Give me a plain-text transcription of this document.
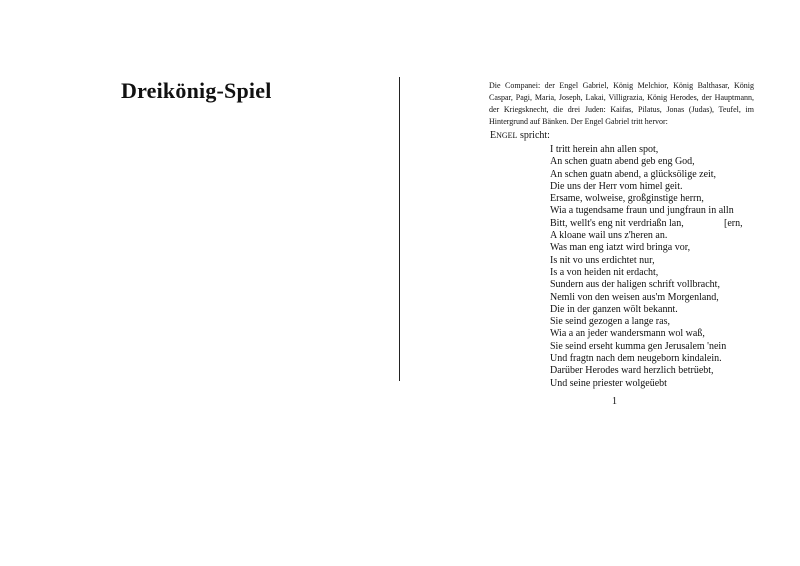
Dreikönig-Spiel	Die Companei: der Engel Gabriel, König Melchior, König Balthasar, König Caspar, Pagi, Maria, Joseph, Lakai, Villigrazia, König Herodes, der Hauptmann, der Kriegsknecht, die drei Juden: Kaifas, Pilatus, Jonas (Judas), Teufel, im Hintergrund auf Bänken. Der Engel Gabriel tritt hervor:
ENGEL spricht:
I tritt herein ahn allen spot,
An schen guatn abend geb eng God,
An schen guatn abend, a glücksölige zeit,
Die uns der Herr vom himel geit.
Ersame, wolweise, großginstige herrn,
Wia a tugendsame fraun und jungfraun in alln
Bitt, wellt's eng nit verdriaßn lan,	[ern,
A kloane wail uns z'heren an.
Was man eng iatzt wird bringa vor,
Is nit vo uns erdichtet nur,
Is a von heiden nit erdacht,
Sundern aus der haligen schrift vollbracht,
Nemli von den weisen aus'm Morgenland,
Die in der ganzen wölt bekannt.
Sie seind gezogen a lange ras,
Wia a an jeder wandersmann wol waß,
Sie seind erseht kumma gen Jerusalem 'nein
Und fragtn nach dem neugeborn kindalein.
Darüber Herodes ward herzlich betrüebt,
Und seine priester wolgeüebt
1
